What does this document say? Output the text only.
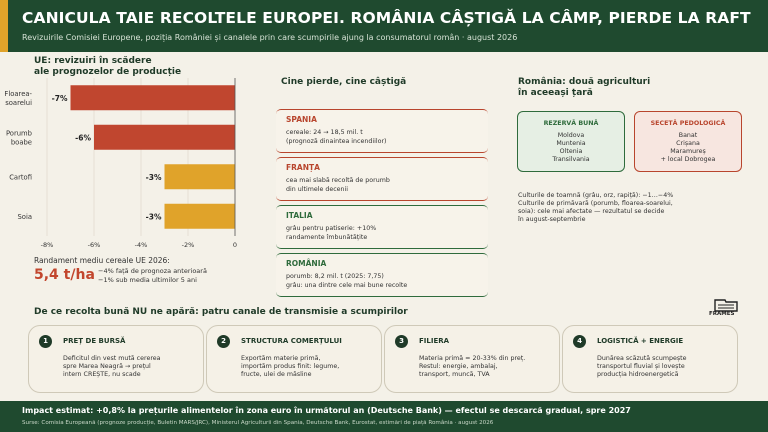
CANICULA TAIE RECOLTELE EUROPEI. ROMÂNIA CÂȘTIGĂ LA CÂMP, PIERDE LA RAFT
Revizuirile Comisiei Europene, poziția României și canalele prin care scumpirile ajung la consumatorul român · august 2026
UE: revizuiri în scădere
ale prognozelor de producție
-8%	-6%	-4%	-2%	0
-7%
Floarea-soarelui
-6%
Porumb boabe
-3%
Cartofi
-3%
Soia
Randament mediu cereale UE 2026:
5,4 t/ha −4% față de prognoza anterioară
−1% sub media ultimilor 5 ani
Cine pierde, cine câștigă
SPANIA
cereale: 24 → 18,5 mil. t
(prognoză dinaintea incendiilor)
FRANȚA
cea mai slabă recoltă de porumb
din ultimele decenii
ITALIA
grâu pentru patiserie: +10%
randamente îmbunătățite
ROMÂNIA
porumb: 8,2 mil. t (2025: 7,75)
grâu: una dintre cele mai bune recolte
România: două agriculturi
în aceeași țară
REZERVĂ BUNĂ
Moldova
Muntenia
Oltenia
Transilvania
SECETĂ PEDOLOGICĂ
Banat
Crișana
Maramureș
+ local Dobrogea
Culturile de toamnă (grâu, orz, rapiță): −1…−4%
Culturile de primăvară (porumb, floarea-soarelui,
soia): cele mai afectate — rezultatul se decide
în august-septembrie
FRAMES
De ce recolta bună NU ne apără: patru canale de transmisie a scumpirilor
1	PREȚ DE BURSĂ
Deficitul din vest mută cererea
spre Marea Neagră → prețul
intern CREȘTE, nu scade
2	STRUCTURA COMERȚULUI
Exportăm materie primă,
importăm produs finit: legume,
fructe, ulei de măsline
3	FILIERA
Materia primă = 20-33% din preț.
Restul: energie, ambalaj,
transport, muncă, TVA
4	LOGISTICĂ + ENERGIE
Dunărea scăzută scumpește
transportul fluvial și lovește
producția hidroenergetică
Impact estimat: +0,8% la prețurile alimentelor în zona euro în următorul an (Deutsche Bank) — efectul se descarcă gradual, spre 2027
Surse: Comisia Europeană (prognoze producție, Buletin MARS/JRC), Ministerul Agriculturii din Spania, Deutsche Bank, Eurostat, estimări de piață România · august 2026
